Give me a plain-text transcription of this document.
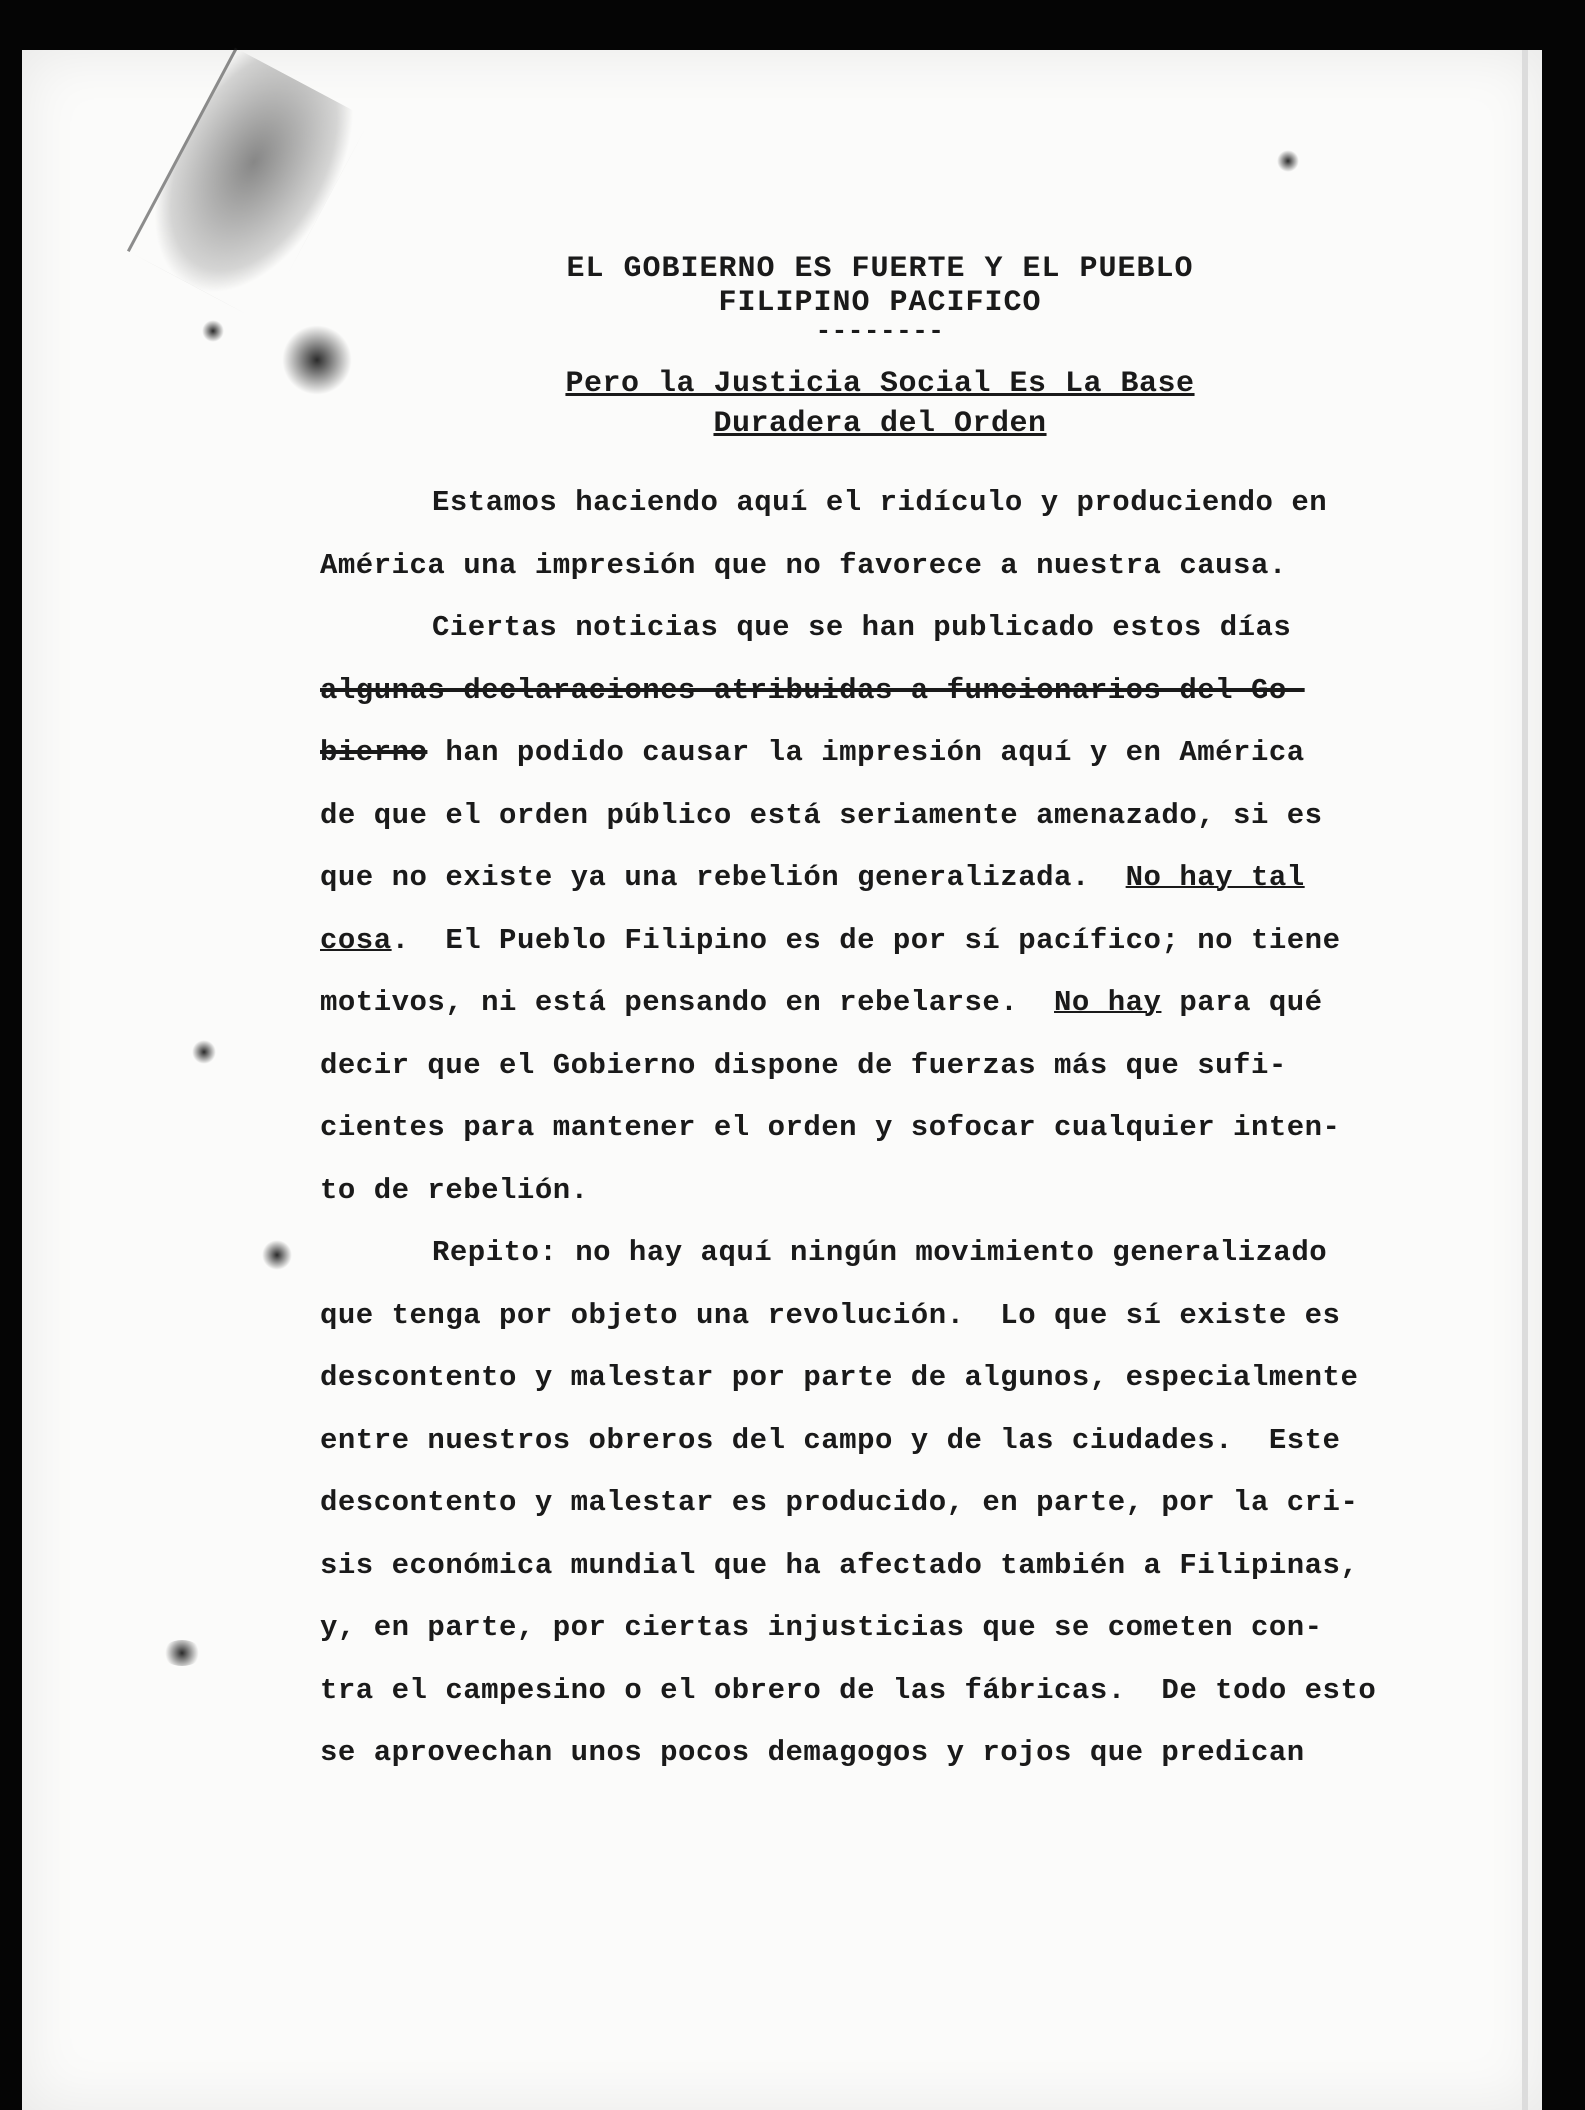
EL GOBIERNO ES FUERTE Y EL PUEBLO
FILIPINO PACIFICO
--------
Pero la Justicia Social Es La Base
Duradera del Orden
Estamos haciendo aquí el ridículo y produciendo en
América una impresión que no favorece a nuestra causa.
Ciertas noticias que se han publicado estos días
algunas declaraciones atribuidas a funcionarios del Go-
bierno han podido causar la impresión aquí y en América
de que el orden público está seriamente amenazado, si es
que no existe ya una rebelión generalizada.  No hay tal
cosa.  El Pueblo Filipino es de por sí pacífico; no tiene
motivos, ni está pensando en rebelarse.  No hay para qué
decir que el Gobierno dispone de fuerzas más que sufi-
cientes para mantener el orden y sofocar cualquier inten-
to de rebelión.
Repito: no hay aquí ningún movimiento generalizado
que tenga por objeto una revolución.  Lo que sí existe es
descontento y malestar por parte de algunos, especialmente
entre nuestros obreros del campo y de las ciudades.  Este
descontento y malestar es producido, en parte, por la cri-
sis económica mundial que ha afectado también a Filipinas,
y, en parte, por ciertas injusticias que se cometen con-
tra el campesino o el obrero de las fábricas.  De todo esto
se aprovechan unos pocos demagogos y rojos que predican
